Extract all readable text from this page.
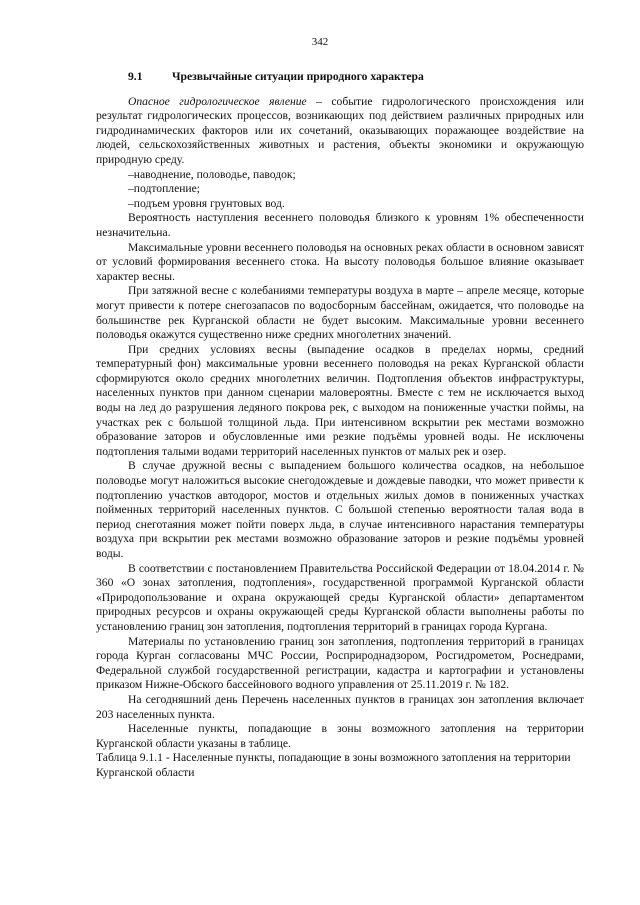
342
9.1	Чрезвычайные ситуации природного характера

Опасное гидрологическое явление – событие гидрологического происхождения или результат гидрологических процессов, возникающих под действием различных природных или гидродинамических факторов или их сочетаний, оказывающих поражающее воздействие на людей, сельскохозяйственных животных и растения, объекты экономики и окружающую природную среду.

–наводнение, половодье, паводок;

–подтопление;

–подъем уровня грунтовых вод.

Вероятность наступления весеннего половодья близкого к уровням 1% обеспеченности незначительна.

Максимальные уровни весеннего половодья на основных реках области в основном зависят от условий формирования весеннего стока. На высоту половодья большое влияние оказывает характер весны.

При затяжной весне с колебаниями температуры воздуха в марте – апреле месяце, которые могут привести к потере снегозапасов по водосборным бассейнам, ожидается, что половодье на большинстве рек Курганской области не будет высоким. Максимальные уровни весеннего половодья окажутся существенно ниже средних многолетних значений.

При средних условиях весны (выпадение осадков в пределах нормы, средний температурный фон) максимальные уровни весеннего половодья на реках Курганской области сформируются около средних многолетних величин. Подтопления объектов инфраструктуры, населенных пунктов при данном сценарии маловероятны. Вместе с тем не исключается выход воды на лед до разрушения ледяного покрова рек, с выходом на пониженные участки поймы, на участках рек с большой толщиной льда. При интенсивном вскрытии рек местами возможно образование заторов и обусловленные ими резкие подъёмы уровней воды. Не исключены подтопления талыми водами территорий населенных пунктов от малых рек и озер.

В случае дружной весны с выпадением большого количества осадков, на небольшое половодье могут наложиться высокие снегодождевые и дождевые паводки, что может привести к подтоплению участков автодорог, мостов и отдельных жилых домов в пониженных участках пойменных территорий населенных пунктов. С большой степенью вероятности талая вода в период снеготаяния может пойти поверх льда, в случае интенсивного нарастания температуры воздуха при вскрытии рек местами возможно образование заторов и резкие подъёмы уровней воды.

В соответствии с постановлением Правительства Российской Федерации от 18.04.2014 г. № 360 «О зонах затопления, подтопления», государственной программой Курганской области «Природопользование и охрана окружающей среды Курганской области» департаментом природных ресурсов и охраны окружающей среды Курганской области выполнены работы по установлению границ зон затопления, подтопления территорий в границах города Кургана.

Материалы по установлению границ зон затопления, подтопления территорий в границах города Курган согласованы МЧС России, Росприроднадзором, Росгидрометом, Роснедрами, Федеральной службой государственной регистрации, кадастра и картографии и установлены приказом Нижне-Обского бассейнового водного управления от 25.11.2019 г. № 182.

На сегодняшний день Перечень населенных пунктов в границах зон затопления включает 203 населенных пункта.

Населенные пункты, попадающие в зоны возможного затопления на территории Курганской области указаны в таблице.

Таблица 9.1.1 - Населенные пункты, попадающие в зоны возможного затопления на территории Курганской области
